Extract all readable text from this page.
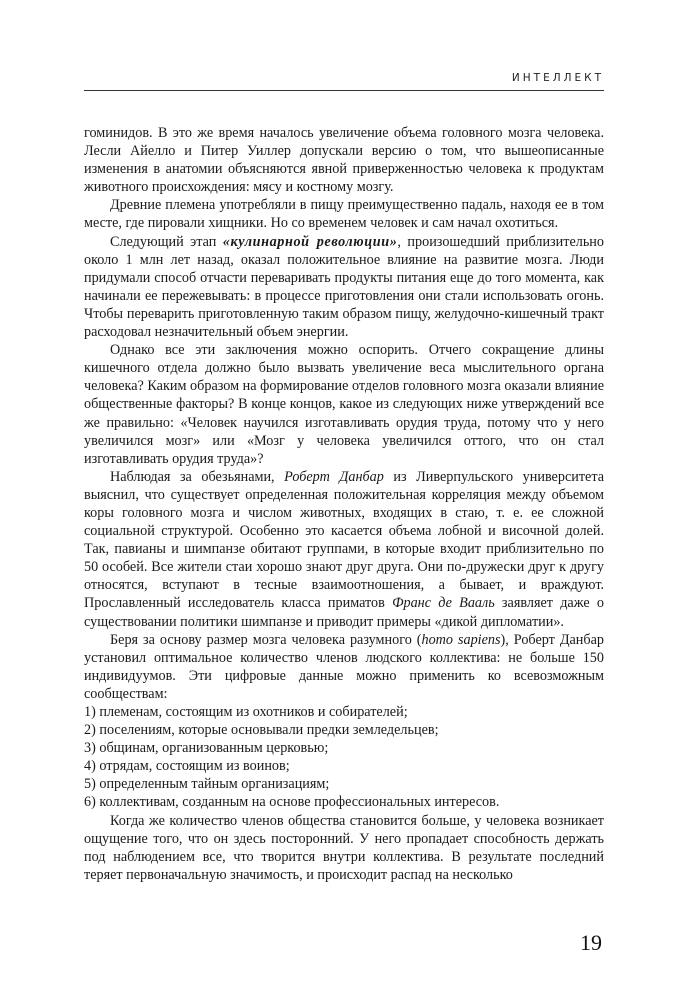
ИНТЕЛЛЕКТ

гоминидов. В это же время началось увеличение объема головного мозга человека. Лесли Айелло и Питер Уиллер допускали версию о том, что вышеописанные изменения в анатомии объясняются явной приверженностью человека к продуктам животного происхождения: мясу и костному мозгу.

Древние племена употребляли в пищу преимущественно падаль, находя ее в том месте, где пировали хищники. Но со временем человек и сам начал охотиться.

Следующий этап «кулинарной революции», произошедший приблизительно около 1 млн лет назад, оказал положительное влияние на развитие мозга. Люди придумали способ отчасти переваривать продукты питания еще до того момента, как начинали ее пережевывать: в процессе приготовления они стали использовать огонь. Чтобы переварить приготовленную таким образом пищу, желудочно-кишечный тракт расходовал незначительный объем энергии.

Однако все эти заключения можно оспорить. Отчего сокращение длины кишечного отдела должно было вызвать увеличение веса мыслительного органа человека? Каким образом на формирование отделов головного мозга оказали влияние общественные факторы? В конце концов, какое из следующих ниже утверждений все же правильно: «Человек научился изготавливать орудия труда, потому что у него увеличился мозг» или «Мозг у человека увеличился оттого, что он стал изготавливать орудия труда»?

Наблюдая за обезьянами, Роберт Данбар из Ливерпульского университета выяснил, что существует определенная положительная корреляция между объемом коры головного мозга и числом животных, входящих в стаю, т. е. ее сложной социальной структурой. Особенно это касается объема лобной и височной долей. Так, павианы и шимпанзе обитают группами, в которые входит приблизительно по 50 особей. Все жители стаи хорошо знают друг друга. Они по-дружески друг к другу относятся, вступают в тесные взаимоотношения, а бывает, и враждуют. Прославленный исследователь класса приматов Франс де Вааль заявляет даже о существовании политики шимпанзе и приводит примеры «дикой дипломатии».

Беря за основу размер мозга человека разумного (homo sapiens), Роберт Данбар установил оптимальное количество членов людского коллектива: не больше 150 индивидуумов. Эти цифровые данные можно применить ко всевозможным сообществам:

1) племенам, состоящим из охотников и собирателей;

2) поселениям, которые основывали предки земледельцев;

3) общинам, организованным церковью;

4) отрядам, состоящим из воинов;

5) определенным тайным организациям;

6) коллективам, созданным на основе профессиональных интересов.

Когда же количество членов общества становится больше, у человека возникает ощущение того, что он здесь посторонний. У него пропадает способность держать под наблюдением все, что творится внутри коллектива. В результате последний теряет первоначальную значимость, и происходит распад на несколько

19
